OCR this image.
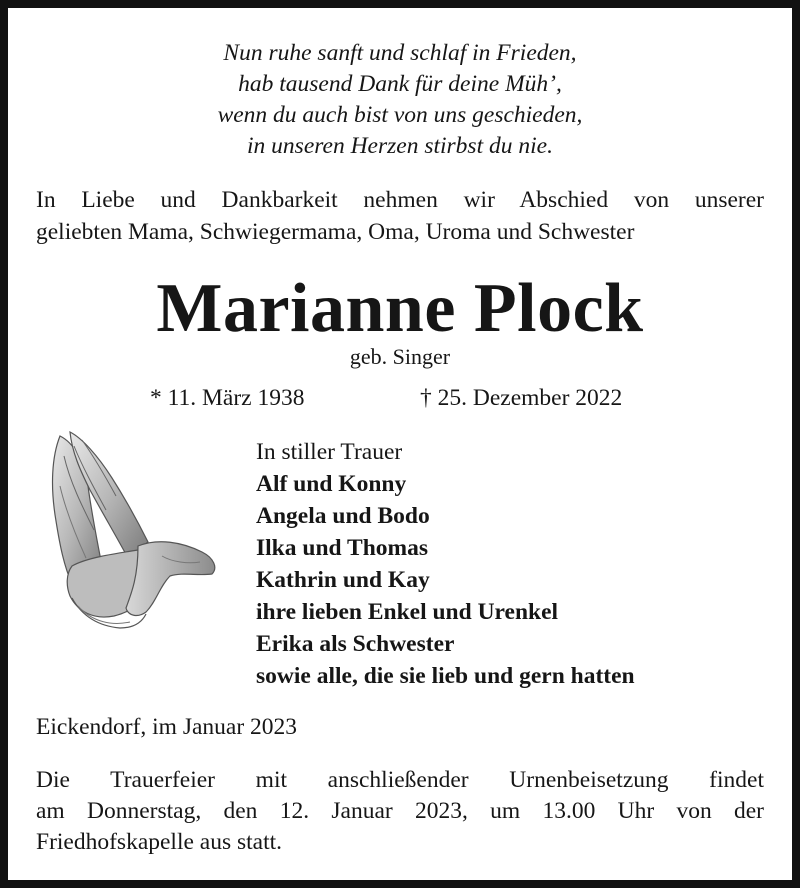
Nun ruhe sanft und schlaf in Frieden,
hab tausend Dank für deine Müh’,
wenn du auch bist von uns geschieden,
in unseren Herzen stirbst du nie.
In Liebe und Dankbarkeit nehmen wir Abschied von unserer
geliebten Mama, Schwiegermama, Oma, Uroma und Schwester
Marianne Plock
geb. Singer
* 11. März 1938	† 25. Dezember 2022
In stiller Trauer
Alf und Konny
Angela und Bodo
Ilka und Thomas
Kathrin und Kay
ihre lieben Enkel und Urenkel
Erika als Schwester
sowie alle, die sie lieb und gern hatten
Eickendorf, im Januar 2023
Die Trauerfeier mit anschließender Urnenbeisetzung findet
am Donnerstag, den 12. Januar 2023, um 13.00 Uhr von der
Friedhofskapelle aus statt.
